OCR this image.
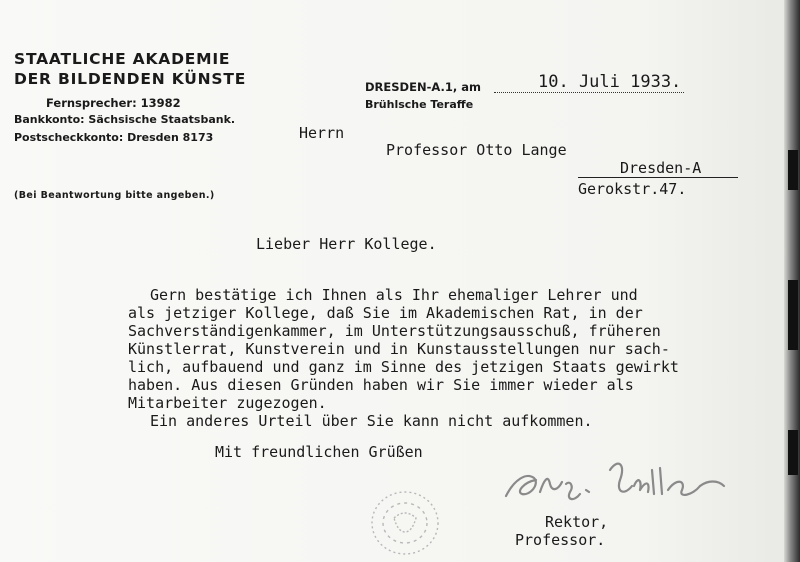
STAATLICHE AKADEMIE
DER BILDENDEN KÜNSTE
Fernsprecher: 13982
Bankkonto: Sächsische Staatsbank.
Postscheckkonto: Dresden 8173
(Bei Beantwortung bitte angeben.)
DRESDEN-A.1, am
Brühlsche Teraffe
10. Juli 1933.
Herrn
Professor Otto Lange
Dresden-A
Gerokstr.47.
Lieber Herr Kollege.
Gern bestätige ich Ihnen als Ihr ehemaliger Lehrer und
als jetziger Kollege, daß Sie im Akademischen Rat, in der
Sachverständigenkammer, im Unterstützungsausschuß, früheren
Künstlerrat, Kunstverein und in Kunstausstellungen nur sach-
lich, aufbauend und ganz im Sinne des jetzigen Staats gewirkt
haben. Aus diesen Gründen haben wir Sie immer wieder als
Mitarbeiter zugezogen.
Ein anderes Urteil über Sie kann nicht aufkommen.
Mit freundlichen Grüßen
Rektor,
Professor.
